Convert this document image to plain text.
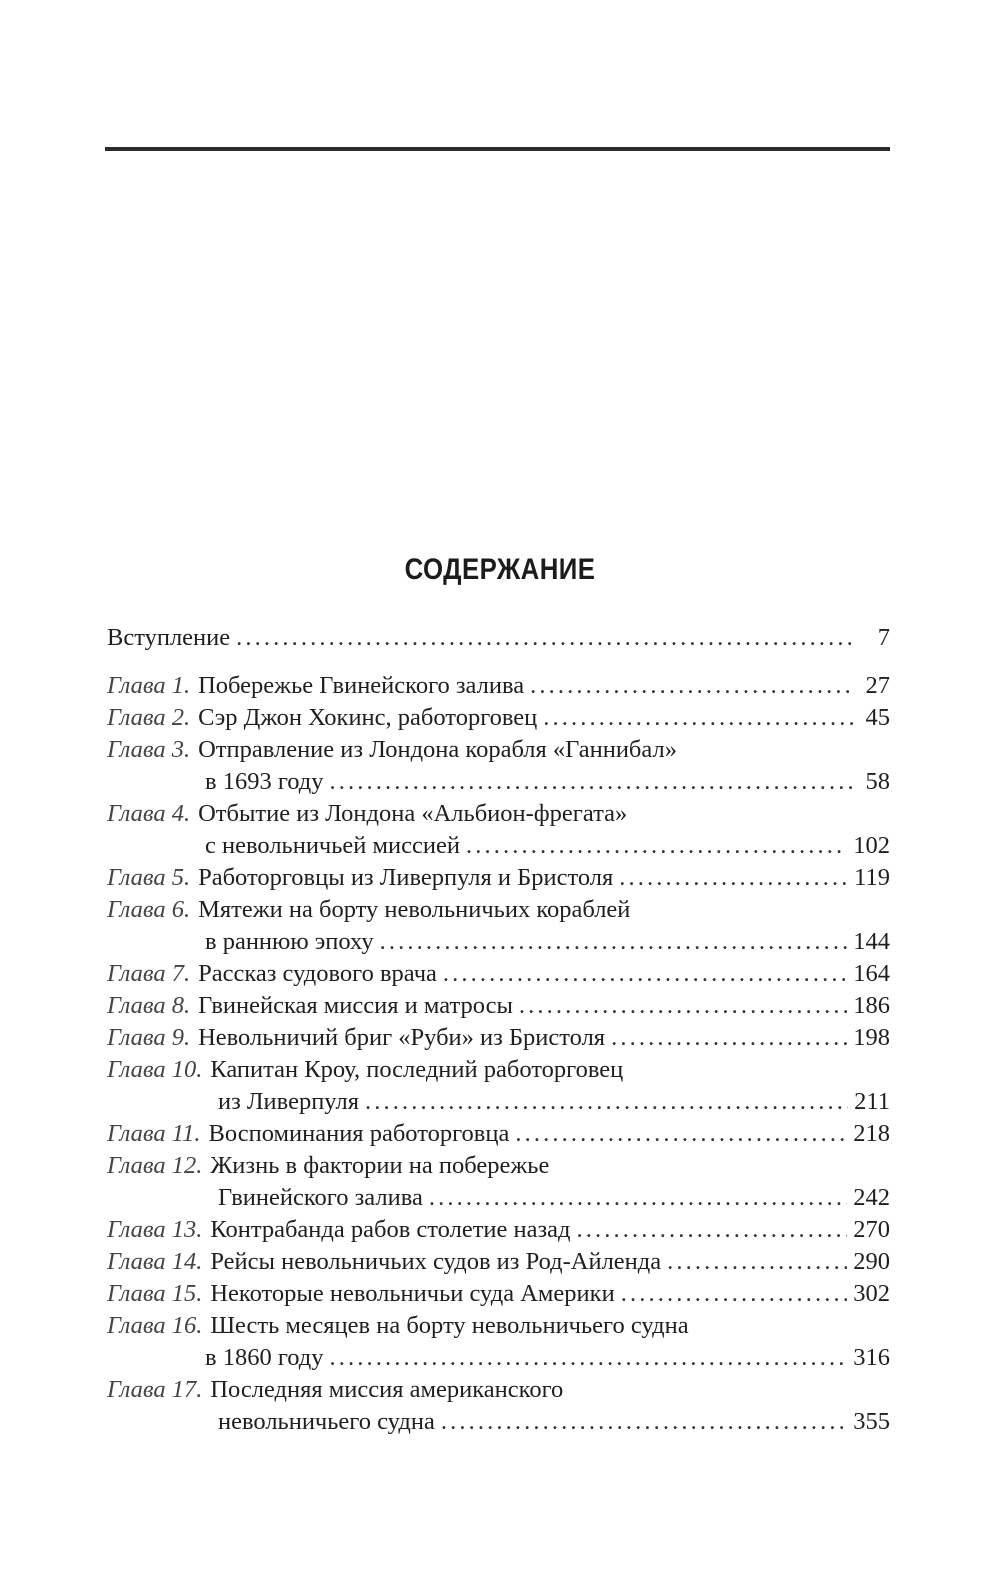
СОДЕРЖАНИЕ
Вступление . . .	7
Глава 1. Побережье Гвинейского залива . . .	27
Глава 2. Сэр Джон Хокинс, работорговец . . .	45
Глава 3. Отправление из Лондона корабля «Ганнибал»
в 1693 году . . .	58
Глава 4. Отбытие из Лондона «Альбион-фрегата»
с невольничьей миссией . . .	102
Глава 5. Работорговцы из Ливерпуля и Бристоля . . .	119
Глава 6. Мятежи на борту невольничьих кораблей
в раннюю эпоху . . .	144
Глава 7. Рассказ судового врача . . .	164
Глава 8. Гвинейская миссия и матросы . . .	186
Глава 9. Невольничий бриг «Руби» из Бристоля . . .	198
Глава 10. Капитан Кроу, последний работорговец
из Ливерпуля . . .	211
Глава 11. Воспоминания работорговца . . .	218
Глава 12. Жизнь в фактории на побережье
Гвинейского залива . . .	242
Глава 13. Контрабанда рабов столетие назад . . .	270
Глава 14. Рейсы невольничьих судов из Род-Айленда . . .	290
Глава 15. Некоторые невольничьи суда Америки . . .	302
Глава 16. Шесть месяцев на борту невольничьего судна
в 1860 году . . .	316
Глава 17. Последняя миссия американского
невольничьего судна . . .	355
